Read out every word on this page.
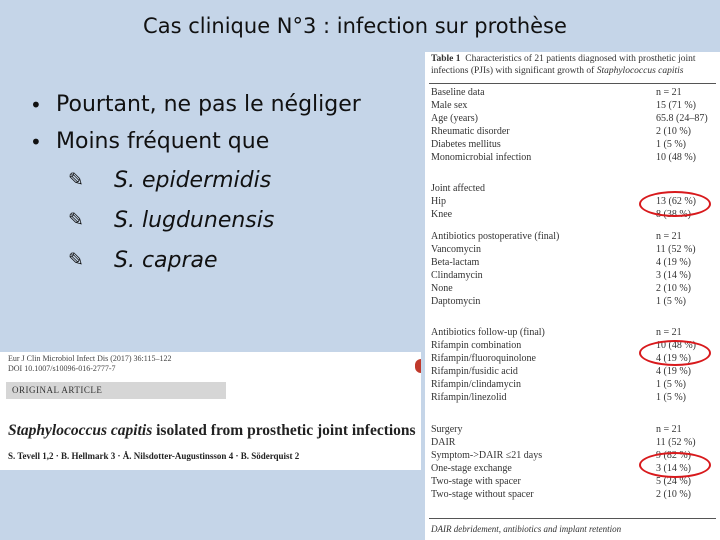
Cas clinique N°3 : infection sur prothèse
• Pourtant, ne pas le négliger
• Moins fréquent que
✎	S. epidermidis
✎	S. lugdunensis
✎	S. caprae
Eur J Clin Microbiol Infect Dis (2017) 36:115–122
DOI 10.1007/s10096-016-2777-7
ORIGINAL ARTICLE
Staphylococcus capitis isolated from prosthetic joint infections
S. Tevell 1,2 · B. Hellmark 3 · Å. Nilsdotter-Augustinsson 4 · B. Söderquist 2
Table 1 Characteristics of 21 patients diagnosed with prosthetic joint infections (PJIs) with significant growth of Staphylococcus capitis
Baseline data	n = 21
Male sex	15 (71 %)
Age (years)	65.8 (24–87)
Rheumatic disorder	2 (10 %)
Diabetes mellitus	1 (5 %)
Monomicrobial infection	10 (48 %)
Joint affected
Hip	13 (62 %)
Knee	8 (38 %)
Antibiotics postoperative (final)	n = 21
Vancomycin	11 (52 %)
Beta-lactam	4 (19 %)
Clindamycin	3 (14 %)
None	2 (10 %)
Daptomycin	1 (5 %)
Antibiotics follow-up (final)	n = 21
Rifampin combination	10 (48 %)
Rifampin/fluoroquinolone	4 (19 %)
Rifampin/fusidic acid	4 (19 %)
Rifampin/clindamycin	1 (5 %)
Rifampin/linezolid	1 (5 %)
Surgery	n = 21
DAIR	11 (52 %)
Symptom->DAIR ≤21 days	9 (82 %)
One-stage exchange	3 (14 %)
Two-stage with spacer	5 (24 %)
Two-stage without spacer	2 (10 %)
DAIR debridement, antibiotics and implant retention
